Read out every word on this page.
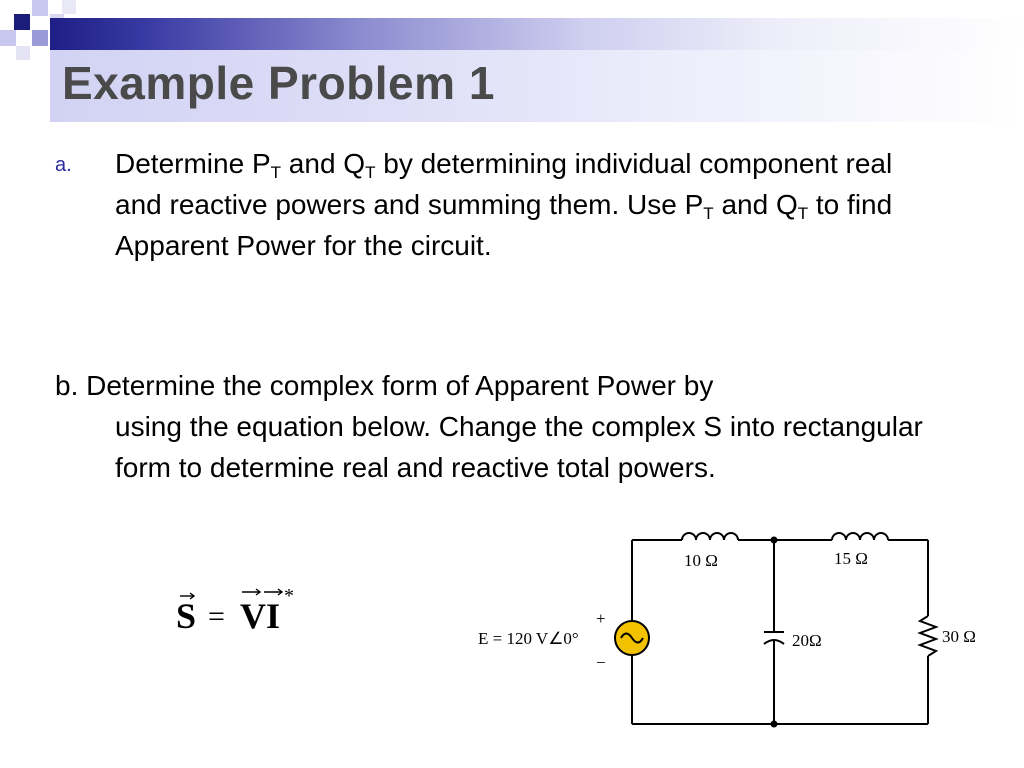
Example Problem 1
a. Determine $P_T$ and $Q_T$ by determining individual component real and reactive powers and summing them. Use $P_T$ and $Q_T$ to find Apparent Power for the circuit.
b. Determine the complex form of Apparent Power by
using the equation below. Change the complex S into rectangular form to determine real and reactive total powers.
S = VI *
+
−
E = 120 V∠0°
10 Ω	15 Ω
20Ω	30 Ω
